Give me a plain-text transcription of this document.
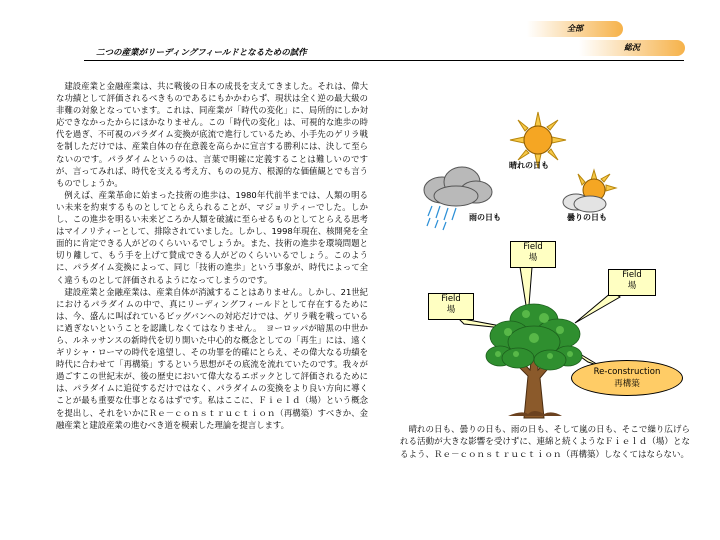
全部
総況
二つの産業がリーディングフィールドとなるための試作

建設産業と金融産業は、共に戦後の日本の成長を支えてきました。それは、偉大な功績として評価されるべきものであるにもかかわらず、現状は全く逆の最大級の非難の対象となっています。これは、同産業が「時代の変化」に、局所的にしか対応できなかったからにほかなりません。この「時代の変化」は、可視的な進歩の時代を過ぎ、不可視のパラダイム変換が底流で進行しているため、小手先のゲリラ戦を制しただけでは、産業自体の存在意義を高らかに宣言する勝利には、決して至らないのです。パラダイムというのは、言葉で明確に定義することは難しいのですが、言ってみれば、時代を支える考え方、ものの見方、根源的な価値観とでも言うものでしょうか。

例えば、産業革命に始まった技術の進歩は、1980年代前半までは、人類の明るい未来を約束するものとしてとらえられることが、マジョリティーでした。しかし、この進歩を明るい未来どころか人類を破滅に至らせるものとしてとらえる思考はマイノリティーとして、排除されていました。しかし、1998年現在、核開発を全面的に肯定できる人がどのくらいいるでしょうか。また、技術の進歩を環境問題と切り離して、もう手を上げて賛成できる人がどのくらいいるでしょう。このように、パラダイム変換によって、同じ「技術の進歩」という事象が、時代によって全く違うものとして評価されるようになってしまうのです。

建設産業と金融産業は、産業自体が消滅することはありません。しかし、21世紀におけるパラダイムの中で、真にリーディングフィールドとして存在するためには、今、盛んに叫ばれているビッグバンへの対応だけでは、ゲリラ戦を戦っているに過ぎないということを認識しなくてはなりません。　ヨーロッパが暗黒の中世から、ルネッサンスの新時代を切り開いた中心的な概念としての「再生」には、遠くギリシャ・ローマの時代を遠望し、その功罪を的確にとらえ、その偉大なる功績を時代に合わせて「再構築」するという思想がその底流を流れていたのです。我々が過ごすこの世紀末が、後の歴史において偉大なるエポックとして評価されるためには、パラダイムに追従するだけではなく、パラダイムの変換をより良い方向に導くことが最も重要な仕事となるはずです。私はここに、Ｆｉｅｌｄ（場）という概念を提出し、それをいかにＲｅ－ｃｏｎｓｔｒｕｃｔｉｏｎ（再構築）すべきか、金融産業と建設産業の進むべき道を模索した理論を提言します。

晴れの日も
雨の日も	曇りの日も
Field
場
Field
場
Field
場
Re-construction
再構築
晴れの日も、曇りの日も、雨の日も、そして嵐の日も、そこで繰り広げられる活動が大きな影響を受けずに、連綿と続くようなＦｉｅｌｄ（場）となるよう、Ｒｅ－ｃｏｎｓｔｒｕｃｔｉｏｎ（再構築）しなくてはならない。
